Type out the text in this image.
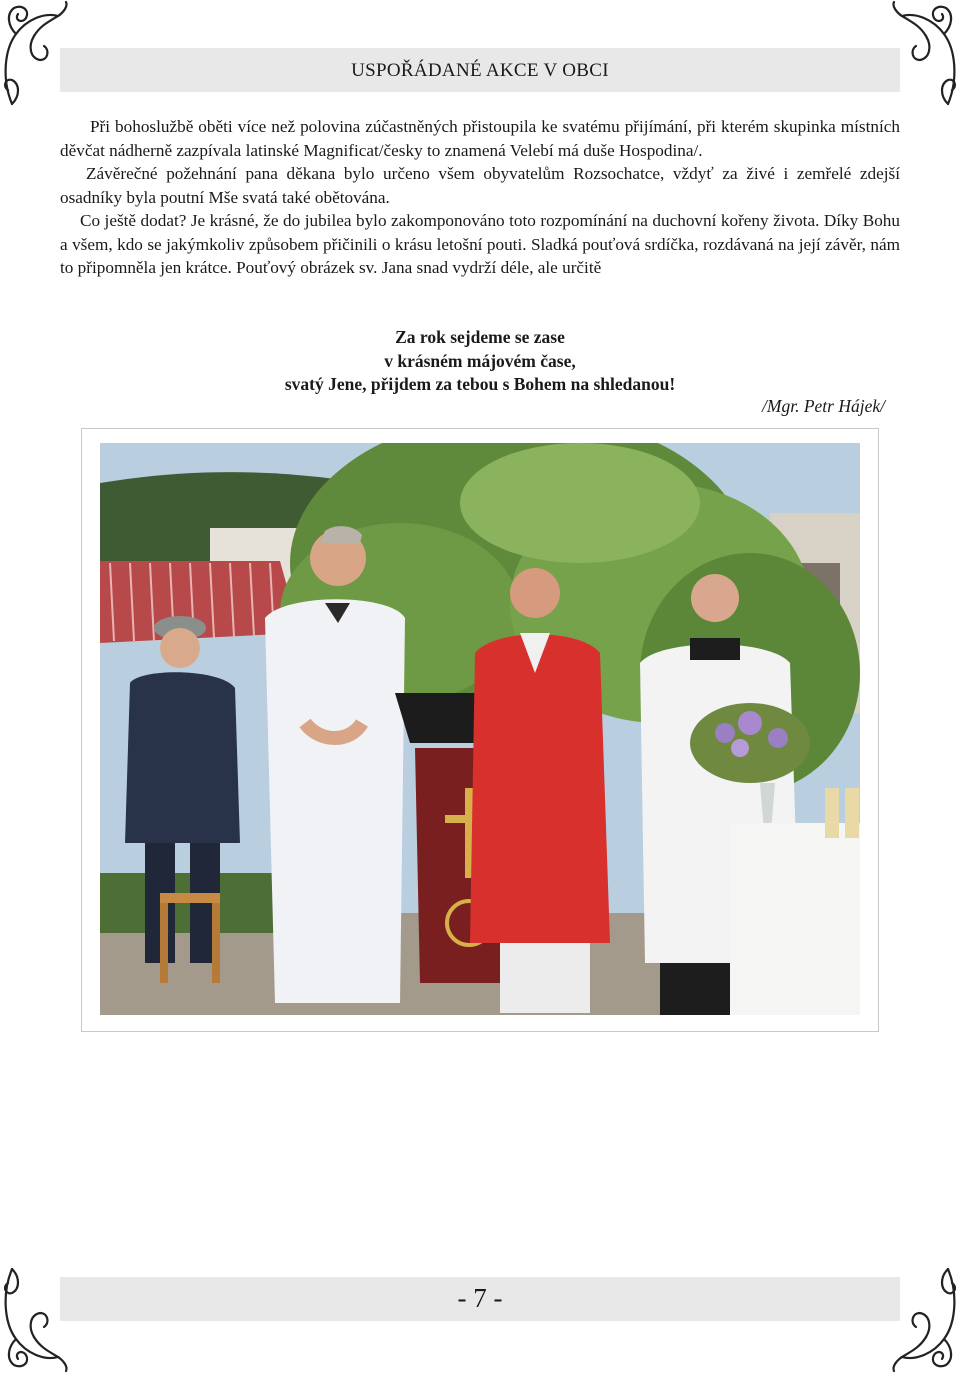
USPOŘÁDANÉ AKCE V OBCI

Při bohoslužbě oběti více než polovina zúčastněných přistoupila ke svatému přijímání, při kterém skupinka místních děvčat nádherně zazpívala latinské Magnificat/česky to znamená Velebí má duše Hospodina/.

Závěrečné požehnání pana děkana bylo určeno všem obyvatelům Rozsochatce, vždyť za živé i zemřelé zdejší osadníky byla poutní Mše svatá také obětována.

Co ještě dodat? Je krásné, že do jubilea bylo zakomponováno toto rozpomínání na duchovní kořeny života. Díky Bohu a všem, kdo se jakýmkoliv způsobem přičinili o krásu letošní pouti. Sladká pouťová srdíčka, rozdávaná na její závěr, nám to připomněla jen krátce. Pouťový obrázek sv. Jana snad vydrží déle, ale určitě

Za rok sejdeme se zase
v krásném májovém čase,
svatý Jene, přijdem za tebou s Bohem na shledanou!
/Mgr. Petr Hájek/
- 7 -
